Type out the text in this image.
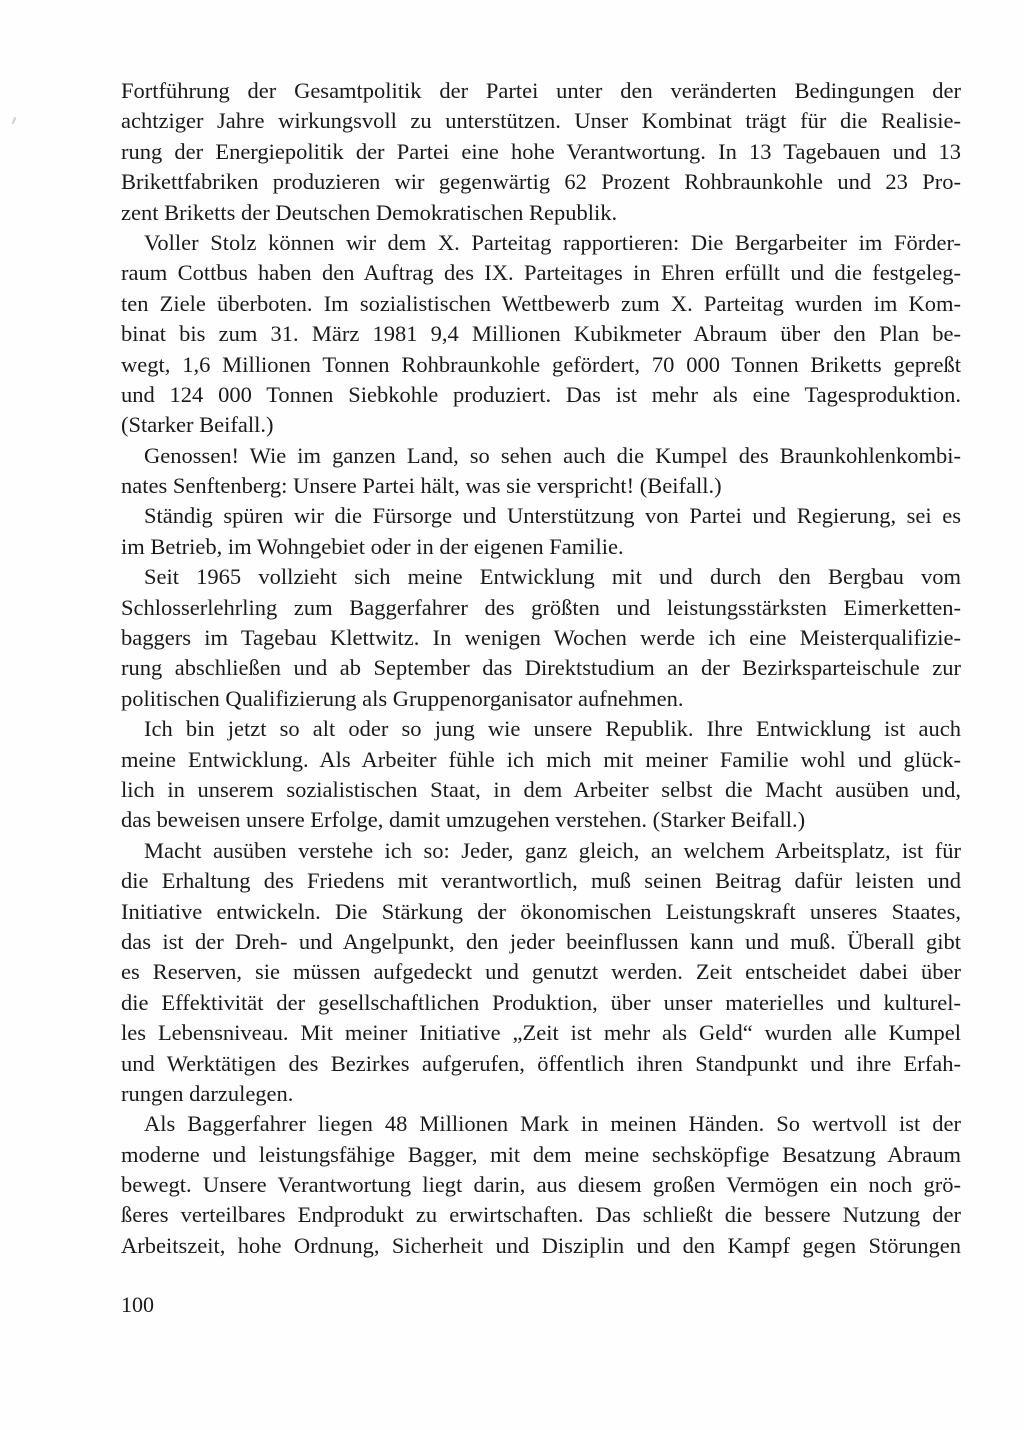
Fortführung der Gesamtpolitik der Partei unter den veränderten Bedingungen der
achtziger Jahre wirkungsvoll zu unterstützen. Unser Kombinat trägt für die Realisie-
rung der Energiepolitik der Partei eine hohe Verantwortung. In 13 Tagebauen und 13
Brikettfabriken produzieren wir gegenwärtig 62 Prozent Rohbraunkohle und 23 Pro-
zent Briketts der Deutschen Demokratischen Republik.
Voller Stolz können wir dem X. Parteitag rapportieren: Die Bergarbeiter im Förder-
raum Cottbus haben den Auftrag des IX. Parteitages in Ehren erfüllt und die festgeleg-
ten Ziele überboten. Im sozialistischen Wettbewerb zum X. Parteitag wurden im Kom-
binat bis zum 31. März 1981 9,4 Millionen Kubikmeter Abraum über den Plan be-
wegt, 1,6 Millionen Tonnen Rohbraunkohle gefördert, 70 000 Tonnen Briketts gepreßt
und 124 000 Tonnen Siebkohle produziert. Das ist mehr als eine Tagesproduktion.
(Starker Beifall.)
Genossen! Wie im ganzen Land, so sehen auch die Kumpel des Braunkohlenkombi-
nates Senftenberg: Unsere Partei hält, was sie verspricht! (Beifall.)
Ständig spüren wir die Fürsorge und Unterstützung von Partei und Regierung, sei es
im Betrieb, im Wohngebiet oder in der eigenen Familie.
Seit 1965 vollzieht sich meine Entwicklung mit und durch den Bergbau vom
Schlosserlehrling zum Baggerfahrer des größten und leistungsstärksten Eimerketten-
baggers im Tagebau Klettwitz. In wenigen Wochen werde ich eine Meisterqualifizie-
rung abschließen und ab September das Direktstudium an der Bezirksparteischule zur
politischen Qualifizierung als Gruppenorganisator aufnehmen.
Ich bin jetzt so alt oder so jung wie unsere Republik. Ihre Entwicklung ist auch
meine Entwicklung. Als Arbeiter fühle ich mich mit meiner Familie wohl und glück-
lich in unserem sozialistischen Staat, in dem Arbeiter selbst die Macht ausüben und,
das beweisen unsere Erfolge, damit umzugehen verstehen. (Starker Beifall.)
Macht ausüben verstehe ich so: Jeder, ganz gleich, an welchem Arbeitsplatz, ist für
die Erhaltung des Friedens mit verantwortlich, muß seinen Beitrag dafür leisten und
Initiative entwickeln. Die Stärkung der ökonomischen Leistungskraft unseres Staates,
das ist der Dreh- und Angelpunkt, den jeder beeinflussen kann und muß. Überall gibt
es Reserven, sie müssen aufgedeckt und genutzt werden. Zeit entscheidet dabei über
die Effektivität der gesellschaftlichen Produktion, über unser materielles und kulturel-
les Lebensniveau. Mit meiner Initiative „Zeit ist mehr als Geld“ wurden alle Kumpel
und Werktätigen des Bezirkes aufgerufen, öffentlich ihren Standpunkt und ihre Erfah-
rungen darzulegen.
Als Baggerfahrer liegen 48 Millionen Mark in meinen Händen. So wertvoll ist der
moderne und leistungsfähige Bagger, mit dem meine sechsköpfige Besatzung Abraum
bewegt. Unsere Verantwortung liegt darin, aus diesem großen Vermögen ein noch grö-
ßeres verteilbares Endprodukt zu erwirtschaften. Das schließt die bessere Nutzung der
Arbeitszeit, hohe Ordnung, Sicherheit und Disziplin und den Kampf gegen Störungen
100
